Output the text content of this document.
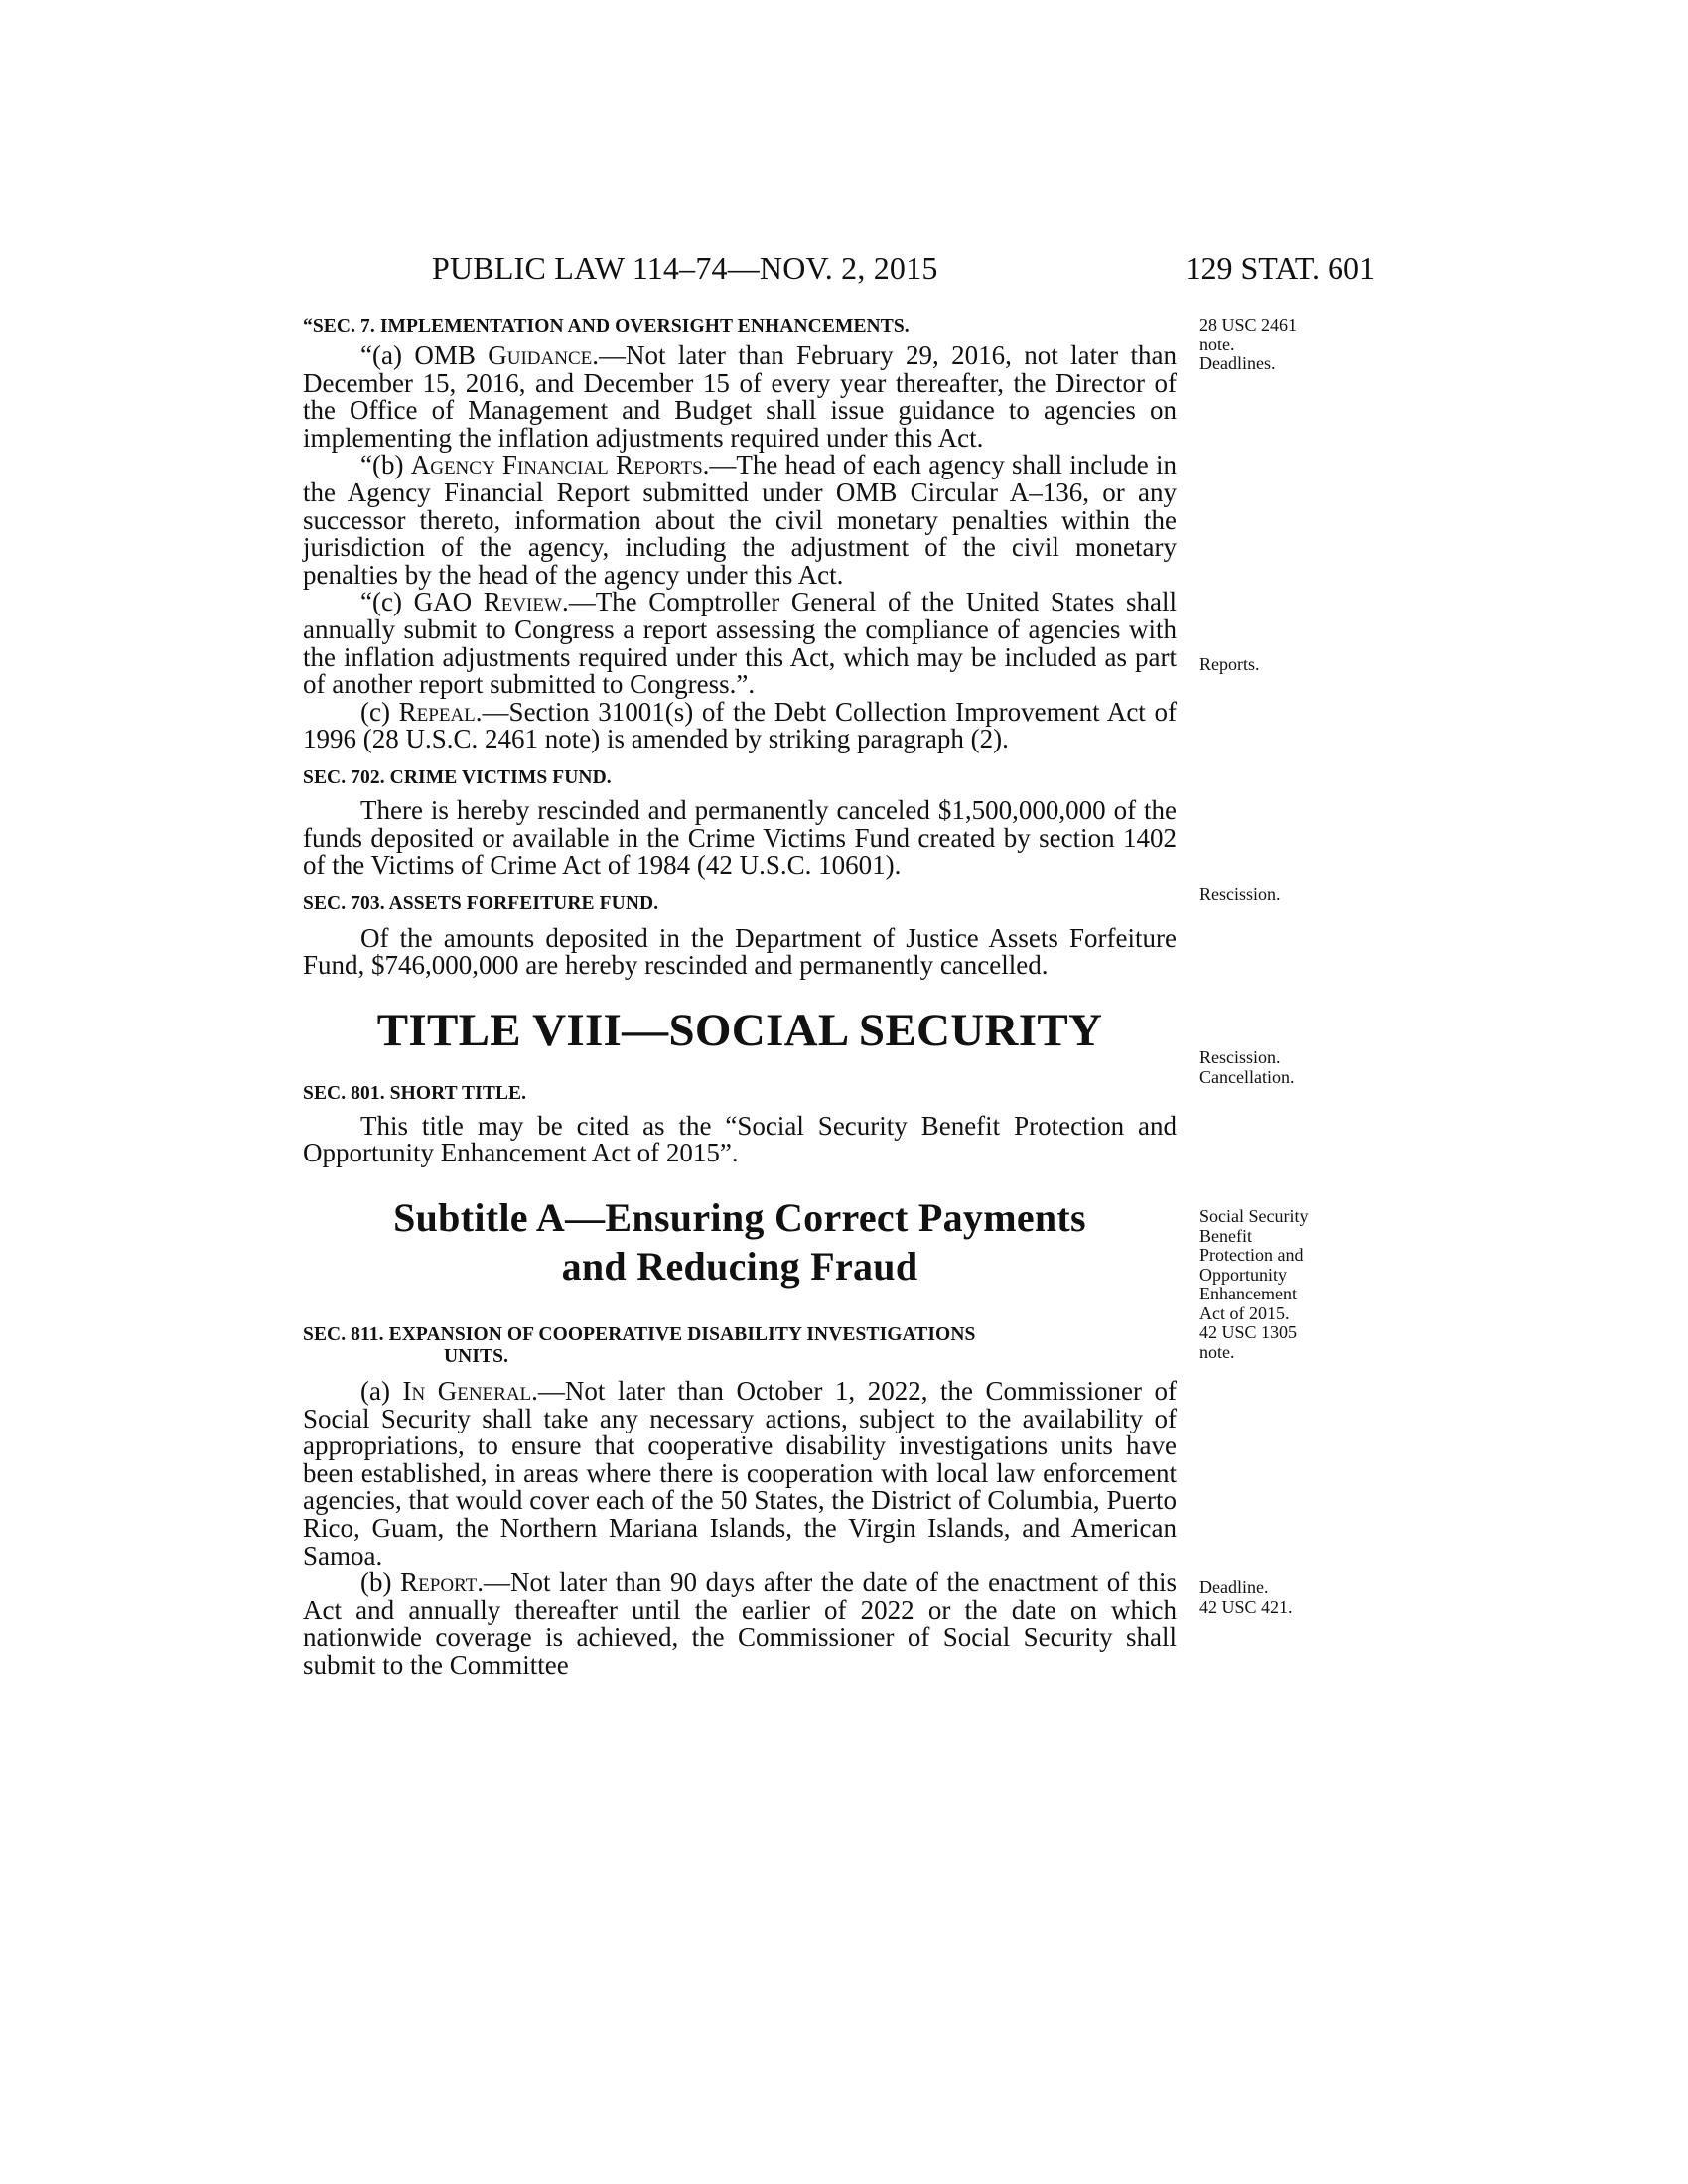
PUBLIC LAW 114–74—NOV. 2, 2015	129 STAT. 601

“SEC. 7. IMPLEMENTATION AND OVERSIGHT ENHANCEMENTS.

“(a) OMB Guidance.—Not later than February 29, 2016, not later than December 15, 2016, and December 15 of every year thereafter, the Director of the Office of Management and Budget shall issue guidance to agencies on implementing the inflation adjustments required under this Act.

“(b) Agency Financial Reports.—The head of each agency shall include in the Agency Financial Report submitted under OMB Circular A–136, or any successor thereto, information about the civil monetary penalties within the jurisdiction of the agency, including the adjustment of the civil monetary penalties by the head of the agency under this Act.

“(c) GAO Review.—The Comptroller General of the United States shall annually submit to Congress a report assessing the compliance of agencies with the inflation adjustments required under this Act, which may be included as part of another report submitted to Congress.”.

(c) Repeal.—Section 31001(s) of the Debt Collection Improvement Act of 1996 (28 U.S.C. 2461 note) is amended by striking paragraph (2).

SEC. 702. CRIME VICTIMS FUND.

There is hereby rescinded and permanently canceled $1,500,000,000 of the funds deposited or available in the Crime Victims Fund created by section 1402 of the Victims of Crime Act of 1984 (42 U.S.C. 10601).

SEC. 703. ASSETS FORFEITURE FUND.

Of the amounts deposited in the Department of Justice Assets Forfeiture Fund, $746,000,000 are hereby rescinded and permanently cancelled.

TITLE VIII—SOCIAL SECURITY

SEC. 801. SHORT TITLE.

This title may be cited as the “Social Security Benefit Protection and Opportunity Enhancement Act of 2015”.

Subtitle A—Ensuring Correct Payments

and Reducing Fraud

SEC. 811. EXPANSION OF COOPERATIVE DISABILITY INVESTIGATIONS

UNITS.

(a) In General.—Not later than October 1, 2022, the Commissioner of Social Security shall take any necessary actions, subject to the availability of appropriations, to ensure that cooperative disability investigations units have been established, in areas where there is cooperation with local law enforcement agencies, that would cover each of the 50 States, the District of Columbia, Puerto Rico, Guam, the Northern Mariana Islands, the Virgin Islands, and American Samoa.

(b) Report.—Not later than 90 days after the date of the enactment of this Act and annually thereafter until the earlier of 2022 or the date on which nationwide coverage is achieved, the Commissioner of Social Security shall submit to the Committee

28 USC 2461
note.
Deadlines.
Reports.
Rescission.
Rescission.
Cancellation.
Social Security
Benefit
Protection and
Opportunity
Enhancement
Act of 2015.
42 USC 1305
note.
Deadline.
42 USC 421.
